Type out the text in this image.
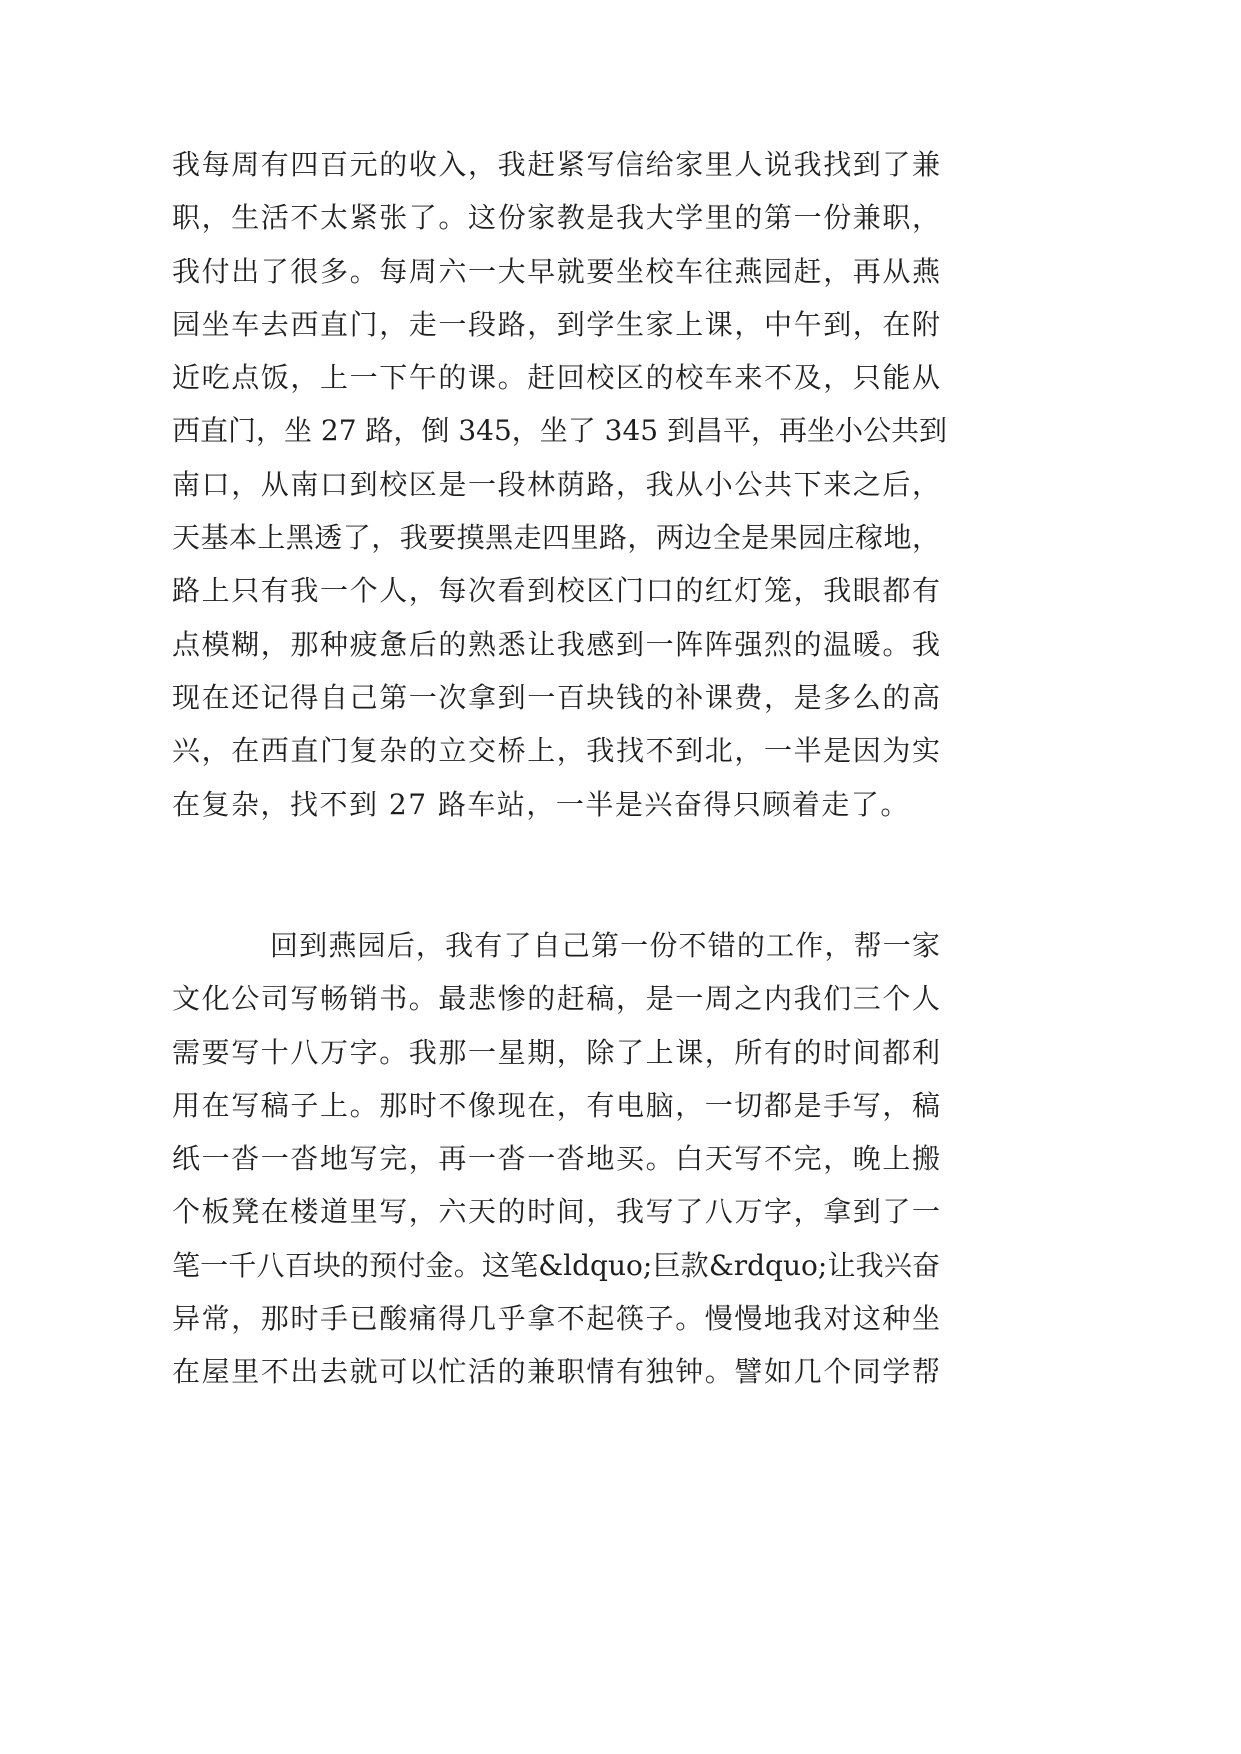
我每周有四百元的收入，我赶紧写信给家里人说我找到了兼
职，生活不太紧张了。这份家教是我大学里的第一份兼职，
我付出了很多。每周六一大早就要坐校车往燕园赶，再从燕
园坐车去西直门，走一段路，到学生家上课，中午到，在附
近吃点饭，上一下午的课。赶回校区的校车来不及，只能从
西直门，坐 27 路，倒 345，坐了 345 到昌平，再坐小公共到
南口，从南口到校区是一段林荫路，我从小公共下来之后，
天基本上黑透了，我要摸黑走四里路，两边全是果园庄稼地，
路上只有我一个人，每次看到校区门口的红灯笼，我眼都有
点模糊，那种疲惫后的熟悉让我感到一阵阵强烈的温暖。我
现在还记得自己第一次拿到一百块钱的补课费，是多么的高
兴，在西直门复杂的立交桥上，我找不到北，一半是因为实
在复杂，找不到 27 路车站，一半是兴奋得只顾着走了。
回到燕园后，我有了自己第一份不错的工作，帮一家
文化公司写畅销书。最悲惨的赶稿，是一周之内我们三个人
需要写十八万字。我那一星期，除了上课，所有的时间都利
用在写稿子上。那时不像现在，有电脑，一切都是手写，稿
纸一沓一沓地写完，再一沓一沓地买。白天写不完，晚上搬
个板凳在楼道里写，六天的时间，我写了八万字，拿到了一
笔一千八百块的预付金。这笔&ldquo;巨款&rdquo;让我兴奋
异常，那时手已酸痛得几乎拿不起筷子。慢慢地我对这种坐
在屋里不出去就可以忙活的兼职情有独钟。譬如几个同学帮
